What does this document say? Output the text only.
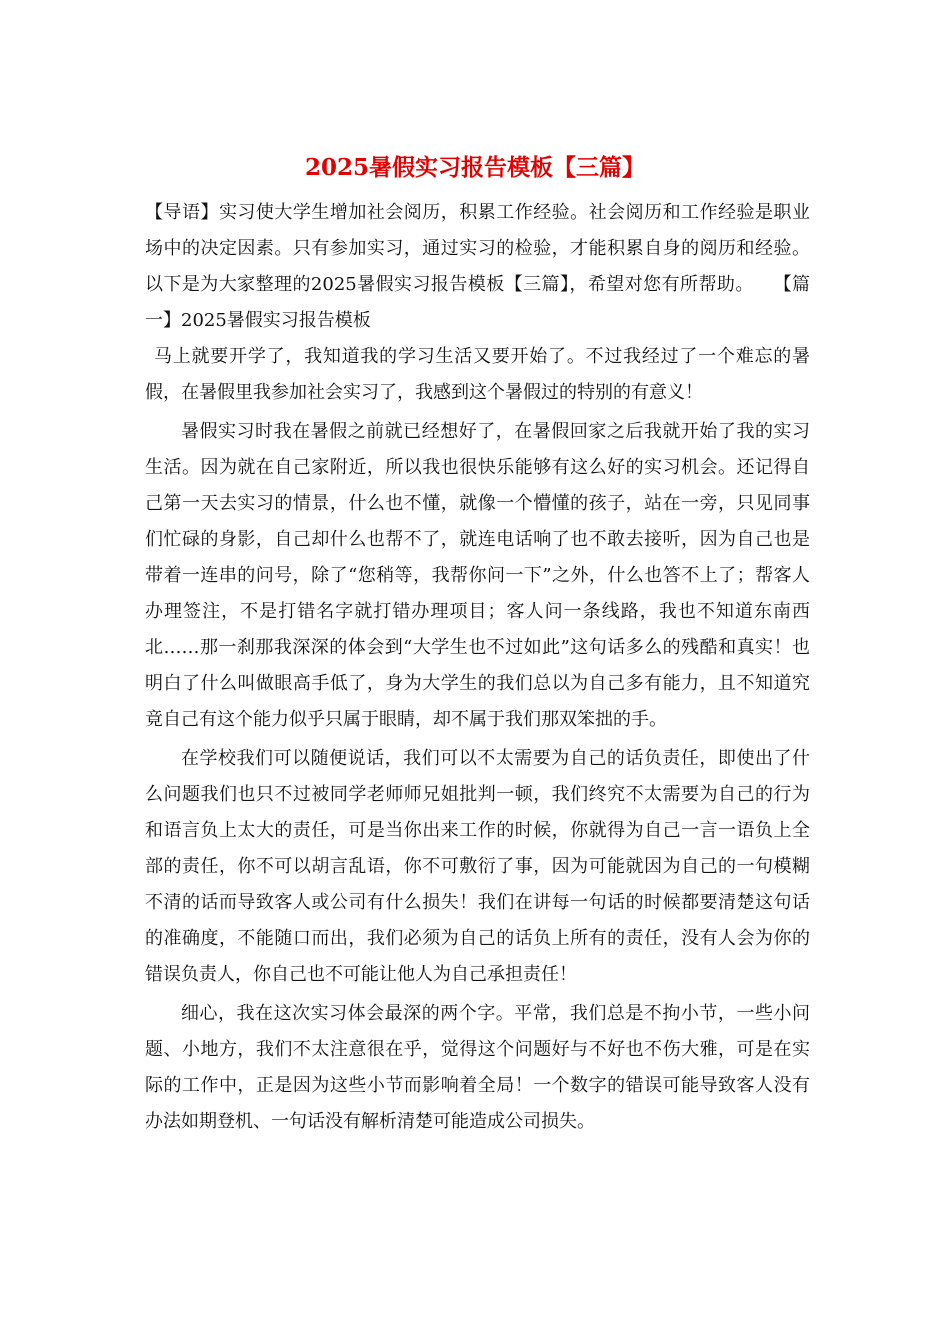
2025暑假实习报告模板【三篇】

【导语】实习使大学生增加社会阅历，积累工作经验。社会阅历和工作经验是职业场中的决定因素。只有参加实习，通过实习的检验，才能积累自身的阅历和经验。以下是为大家整理的2025暑假实习报告模板【三篇】，希望对您有所帮助。 【篇一】2025暑假实习报告模板

马上就要开学了，我知道我的学习生活又要开始了。不过我经过了一个难忘的暑假，在暑假里我参加社会实习了，我感到这个暑假过的特别的有意义！

暑假实习时我在暑假之前就已经想好了，在暑假回家之后我就开始了我的实习生活。因为就在自己家附近，所以我也很快乐能够有这么好的实习机会。还记得自己第一天去实习的情景，什么也不懂，就像一个懵懂的孩子，站在一旁，只见同事们忙碌的身影，自己却什么也帮不了，就连电话响了也不敢去接听，因为自己也是带着一连串的问号，除了“您稍等，我帮你问一下”之外，什么也答不上了；帮客人办理签注，不是打错名字就打错办理项目；客人问一条线路，我也不知道东南西北……那一刹那我深深的体会到“大学生也不过如此”这句话多么的残酷和真实！也明白了什么叫做眼高手低了，身为大学生的我们总以为自己多有能力，且不知道究竟自己有这个能力似乎只属于眼睛，却不属于我们那双笨拙的手。

在学校我们可以随便说话，我们可以不太需要为自己的话负责任，即使出了什么问题我们也只不过被同学老师师兄姐批判一顿，我们终究不太需要为自己的行为和语言负上太大的责任，可是当你出来工作的时候，你就得为自己一言一语负上全部的责任，你不可以胡言乱语，你不可敷衍了事，因为可能就因为自己的一句模糊不清的话而导致客人或公司有什么损失！我们在讲每一句话的时候都要清楚这句话的准确度，不能随口而出，我们必须为自己的话负上所有的责任，没有人会为你的错误负责人，你自己也不可能让他人为自己承担责任！

细心，我在这次实习体会最深的两个字。平常，我们总是不拘小节，一些小问题、小地方，我们不太注意很在乎，觉得这个问题好与不好也不伤大雅，可是在实际的工作中，正是因为这些小节而影响着全局！一个数字的错误可能导致客人没有办法如期登机、一句话没有解析清楚可能造成公司损失。
